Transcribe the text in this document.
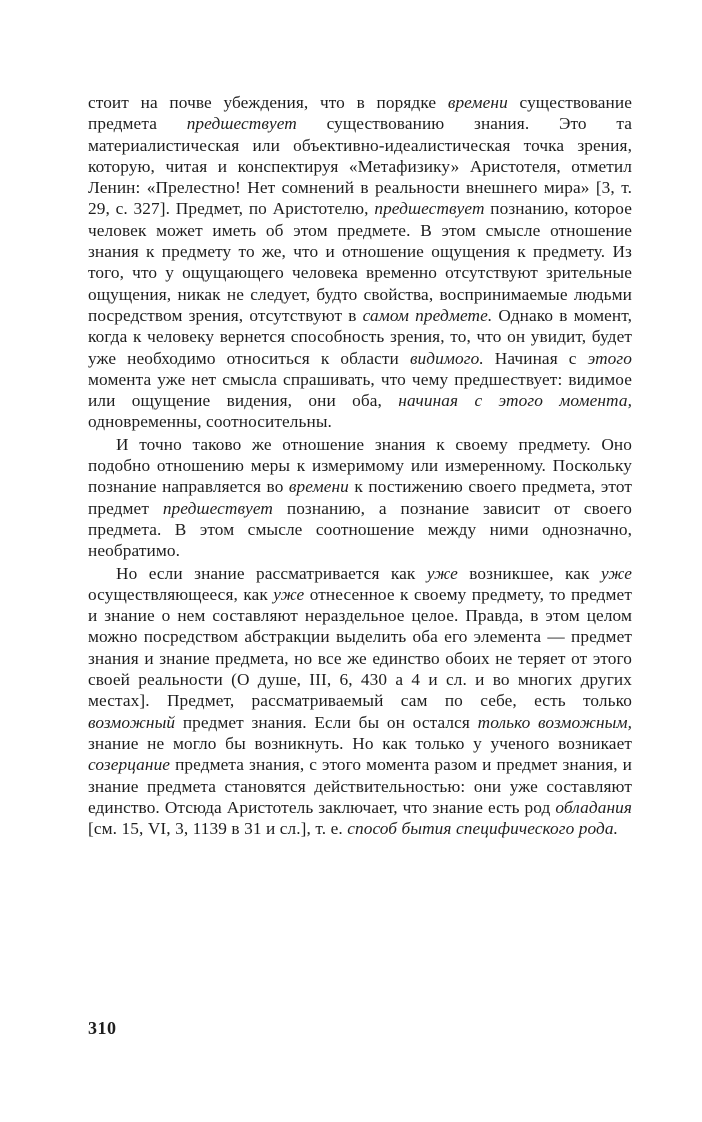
стоит на почве убеждения, что в порядке времени существование предмета предшествует существованию знания. Это та материалистическая или объективно-идеалистическая точка зрения, которую, читая и конспектируя «Метафизику» Аристотеля, отметил Ленин: «Прелестно! Нет сомнений в реальности внешнего мира» [3, т. 29, с. 327]. Предмет, по Аристотелю, предшествует познанию, которое человек может иметь об этом предмете. В этом смысле отношение знания к предмету то же, что и отношение ощущения к предмету. Из того, что у ощущающего человека временно отсутствуют зрительные ощущения, никак не следует, будто свойства, воспринимаемые людьми посредством зрения, отсутствуют в самом предмете. Однако в момент, когда к человеку вернется способность зрения, то, что он увидит, будет уже необходимо относиться к области видимого. Начиная с этого момента уже нет смысла спрашивать, что чему предшествует: видимое или ощущение видения, они оба, начиная с этого момента, одновременны, соотносительны.

И точно таково же отношение знания к своему предмету. Оно подобно отношению меры к измеримому или измеренному. Поскольку познание направляется во времени к постижению своего предмета, этот предмет предшествует познанию, а познание зависит от своего предмета. В этом смысле соотношение между ними однозначно, необратимо.

Но если знание рассматривается как уже возникшее, как уже осуществляющееся, как уже отнесенное к своему предмету, то предмет и знание о нем составляют нераздельное целое. Правда, в этом целом можно посредством абстракции выделить оба его элемента — предмет знания и знание предмета, но все же единство обоих не теряет от этого своей реальности (О душе, III, 6, 430 а 4 и сл. и во многих других местах]. Предмет, рассматриваемый сам по себе, есть только возможный предмет знания. Если бы он остался только возможным, знание не могло бы возникнуть. Но как только у ученого возникает созерцание предмета знания, с этого момента разом и предмет знания, и знание предмета становятся действительностью: они уже составляют единство. Отсюда Аристотель заключает, что знание есть род обладания [см. 15, VI, 3, 1139 в 31 и сл.], т. е. способ бытия специфического рода.

310
